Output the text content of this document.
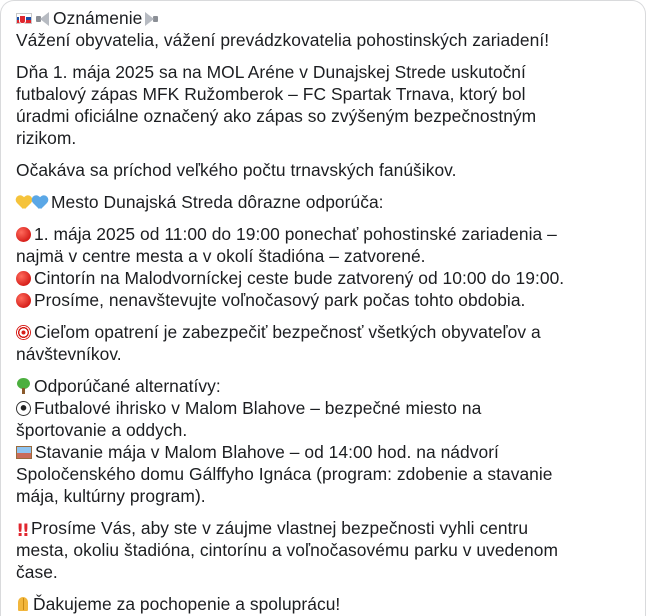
Oznámenie
Vážení obyvatelia, vážení prevádzkovatelia pohostinských zariadení!
Dňa 1. mája 2025 sa na MOL Aréne v Dunajskej Strede uskutoční
futbalový zápas MFK Ružomberok – FC Spartak Trnava, ktorý bol
úradmi oficiálne označený ako zápas so zvýšeným bezpečnostným
rizikom.
Očakáva sa príchod veľkého počtu trnavských fanúšikov.
Mesto Dunajská Streda dôrazne odporúča:
1. mája 2025 od 11:00 do 19:00 ponechať pohostinské zariadenia –
najmä v centre mesta a v okolí štadióna – zatvorené.
Cintorín na Malodvorníckej ceste bude zatvorený od 10:00 do 19:00.
Prosíme, nenavštevujte voľnočasový park počas tohto obdobia.
Cieľom opatrení je zabezpečiť bezpečnosť všetkých obyvateľov a
návštevníkov.
Odporúčané alternatívy:
Futbalové ihrisko v Malom Blahove – bezpečné miesto na
športovanie a oddych.
Stavanie mája v Malom Blahove – od 14:00 hod. na nádvorí
Spoločenského domu Gálffyho Ignáca (program: zdobenie a stavanie
mája, kultúrny program).
!! Prosíme Vás, aby ste v záujme vlastnej bezpečnosti vyhli centru
mesta, okoliu štadióna, cintorínu a voľnočasovému parku v uvedenom
čase.
Ďakujeme za pochopenie a spoluprácu!
